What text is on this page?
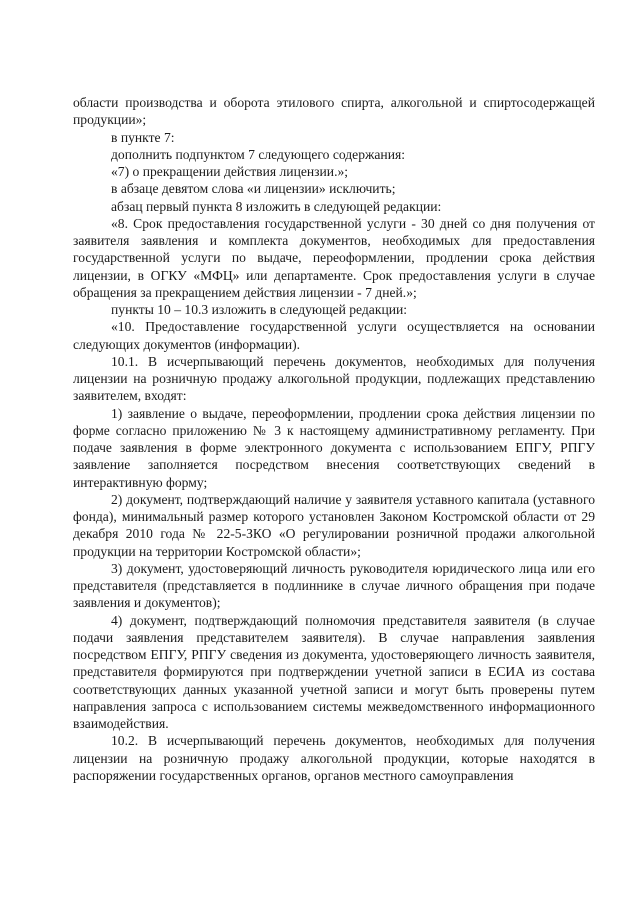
области производства и оборота этилового спирта, алкогольной и спиртосодержащей продукции»;

в пункте 7:

дополнить подпунктом 7 следующего содержания:

«7) о прекращении действия лицензии.»;

в абзаце девятом слова «и лицензии» исключить;

абзац первый пункта 8 изложить в следующей редакции:

«8. Срок предоставления государственной услуги - 30 дней со дня получения от заявителя заявления и комплекта документов, необходимых для предоставления государственной услуги по выдаче, переоформлении, продлении срока действия лицензии, в ОГКУ «МФЦ» или департаменте. Срок предоставления услуги в случае обращения за прекращением действия лицензии - 7 дней.»;

пункты 10 – 10.3 изложить в следующей редакции:

«10. Предоставление государственной услуги осуществляется на основании следующих документов (информации).

10.1. В исчерпывающий перечень документов, необходимых для получения лицензии на розничную продажу алкогольной продукции, подлежащих представлению заявителем, входят:

1) заявление о выдаче, переоформлении, продлении срока действия лицензии по форме согласно приложению № 3 к настоящему административному регламенту. При подаче заявления в форме электронного документа с использованием ЕПГУ, РПГУ заявление заполняется посредством внесения соответствующих сведений в интерактивную форму;

2) документ, подтверждающий наличие у заявителя уставного капитала (уставного фонда), минимальный размер которого установлен Законом Костромской области от 29 декабря 2010 года № 22-5-ЗКО «О регулировании розничной продажи алкогольной продукции на территории Костромской области»;

3) документ, удостоверяющий личность руководителя юридического лица или его представителя (представляется в подлиннике в случае личного обращения при подаче заявления и документов);

4) документ, подтверждающий полномочия представителя заявителя (в случае подачи заявления представителем заявителя). В случае направления заявления посредством ЕПГУ, РПГУ сведения из документа, удостоверяющего личность заявителя, представителя формируются при подтверждении учетной записи в ЕСИА из состава соответствующих данных указанной учетной записи и могут быть проверены путем направления запроса с использованием системы межведомственного информационного взаимодействия.

10.2. В исчерпывающий перечень документов, необходимых для получения лицензии на розничную продажу алкогольной продукции, которые находятся в распоряжении государственных органов, органов местного самоуправления
